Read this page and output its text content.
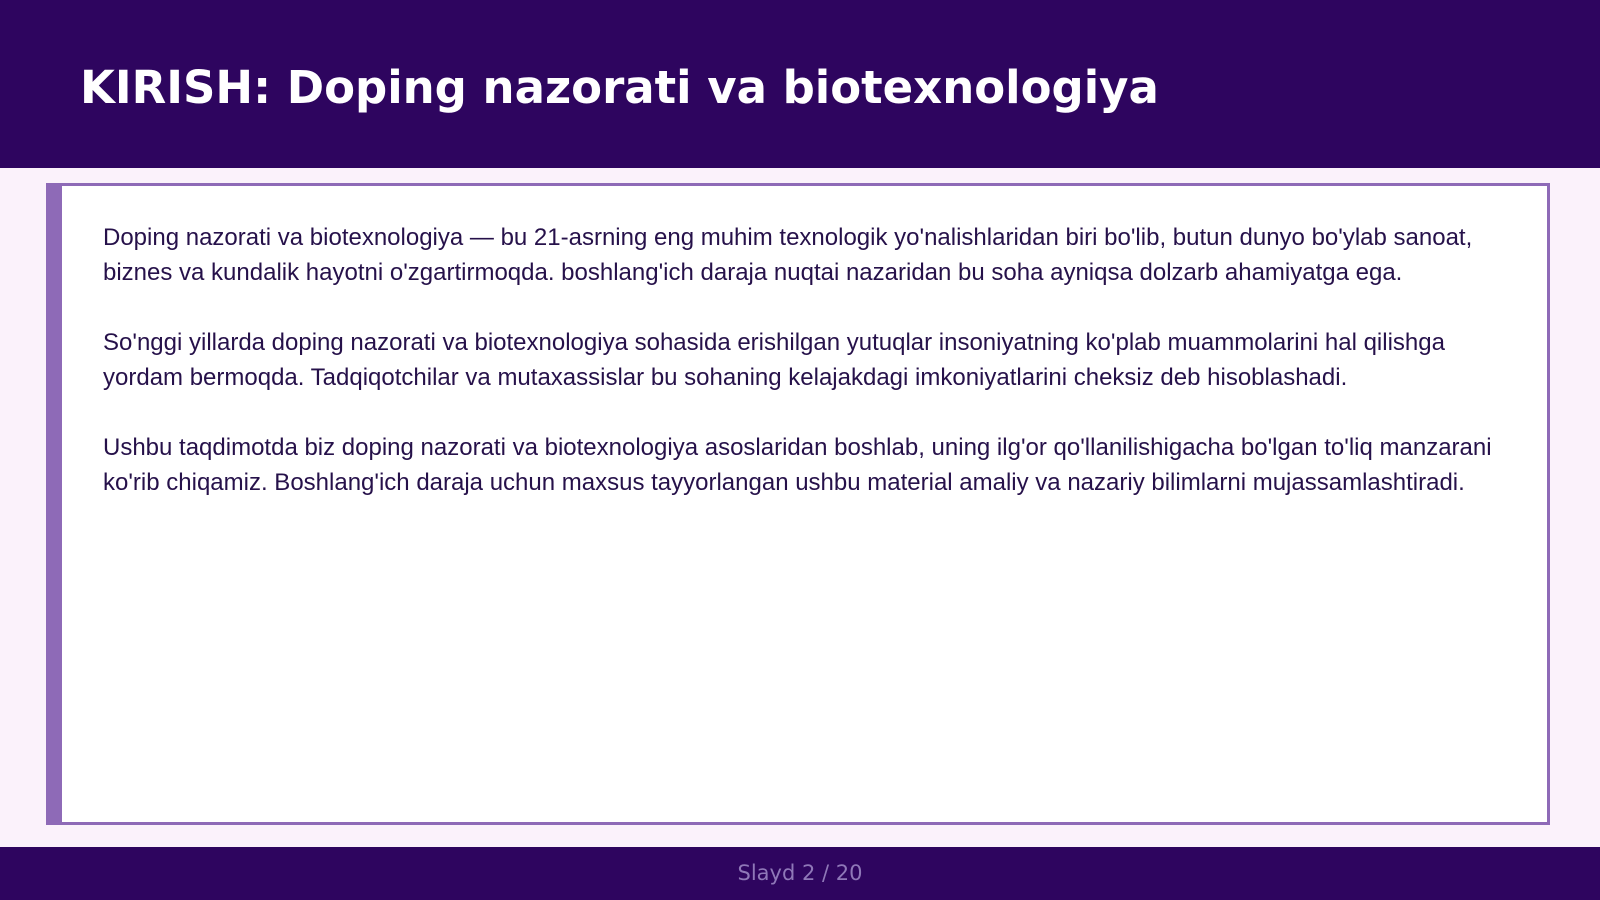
KIRISH: Doping nazorati va biotexnologiya

Doping nazorati va biotexnologiya — bu 21-asrning eng muhim texnologik yo'nalishlaridan biri bo'lib, butun dunyo bo'ylab sanoat, biznes va kundalik hayotni o'zgartirmoqda. boshlang'ich daraja nuqtai nazaridan bu soha ayniqsa dolzarb ahamiyatga ega.

So'nggi yillarda doping nazorati va biotexnologiya sohasida erishilgan yutuqlar insoniyatning ko'plab muammolarini hal qilishga yordam bermoqda. Tadqiqotchilar va mutaxassislar bu sohaning kelajakdagi imkoniyatlarini cheksiz deb hisoblashadi.

Ushbu taqdimotda biz doping nazorati va biotexnologiya asoslaridan boshlab, uning ilg'or qo'llanilishigacha bo'lgan to'liq manzarani ko'rib chiqamiz. Boshlang'ich daraja uchun maxsus tayyorlangan ushbu material amaliy va nazariy bilimlarni mujassamlashtiradi.

Slayd 2 / 20
